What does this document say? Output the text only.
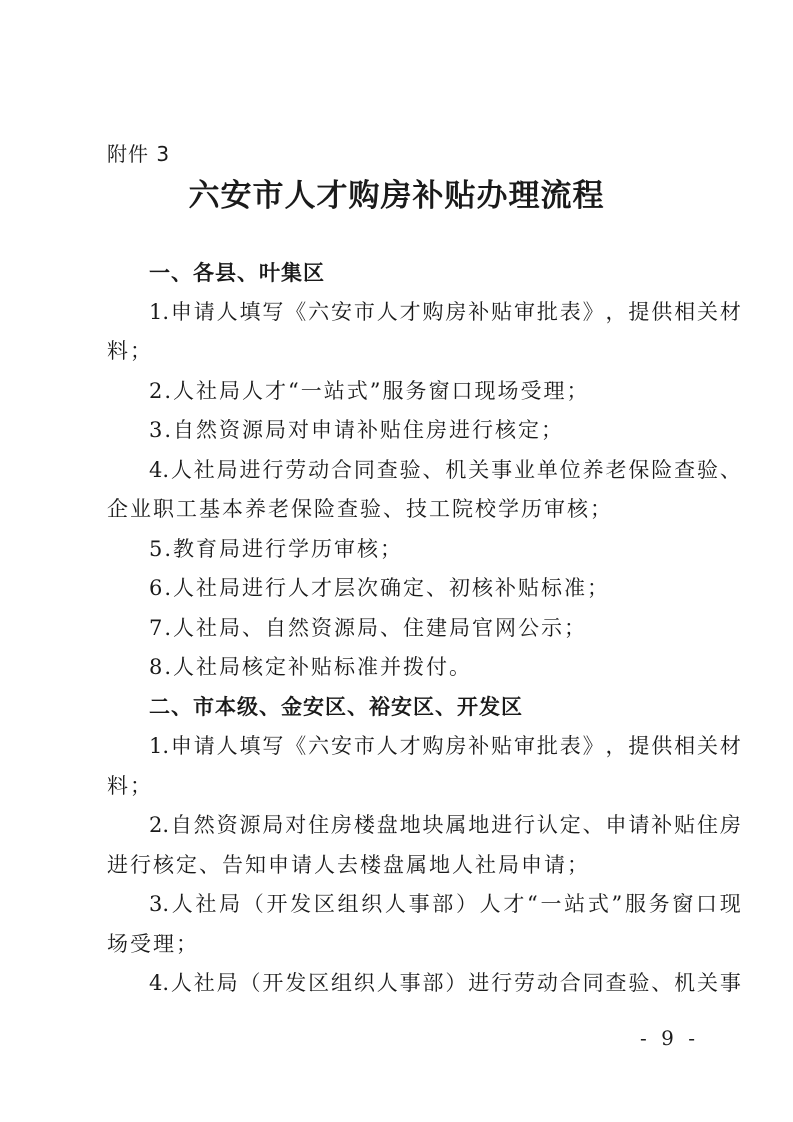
附件 3
六安市人才购房补贴办理流程
一、各县、叶集区
1. 申 请 人 填 写 《 六 安 市 人 才 购 房 补 贴 审 批 表 》 ， 提 供 相 关 材
料；
2.人社局人才“一站式”服务窗口现场受理；
3.自然资源局对申请补贴住房进行核定；
4. 人 社 局 进 行 劳 动 合 同 查 验 、 机 关 事 业 单 位 养 老 保 险 查 验 、
企业职工基本养老保险查验、技工院校学历审核；
5.教育局进行学历审核；
6.人社局进行人才层次确定、初核补贴标准；
7.人社局、自然资源局、住建局官网公示；
8.人社局核定补贴标准并拨付。
二、市本级、金安区、裕安区、开发区
1. 申 请 人 填 写 《 六 安 市 人 才 购 房 补 贴 审 批 表 》 ， 提 供 相 关 材
料；
2. 自 然 资 源 局 对 住 房 楼 盘 地 块 属 地 进 行 认 定 、 申 请 补 贴 住 房
进行核定、告知申请人去楼盘属地人社局申请；
3. 人 社 局 （ 开 发 区 组 织 人 事 部 ） 人 才 “ 一 站 式 ” 服 务 窗 口 现
场受理；
4. 人 社 局 （ 开 发 区 组 织 人 事 部 ） 进 行 劳 动 合 同 查 验 、 机 关 事
- 9 -
